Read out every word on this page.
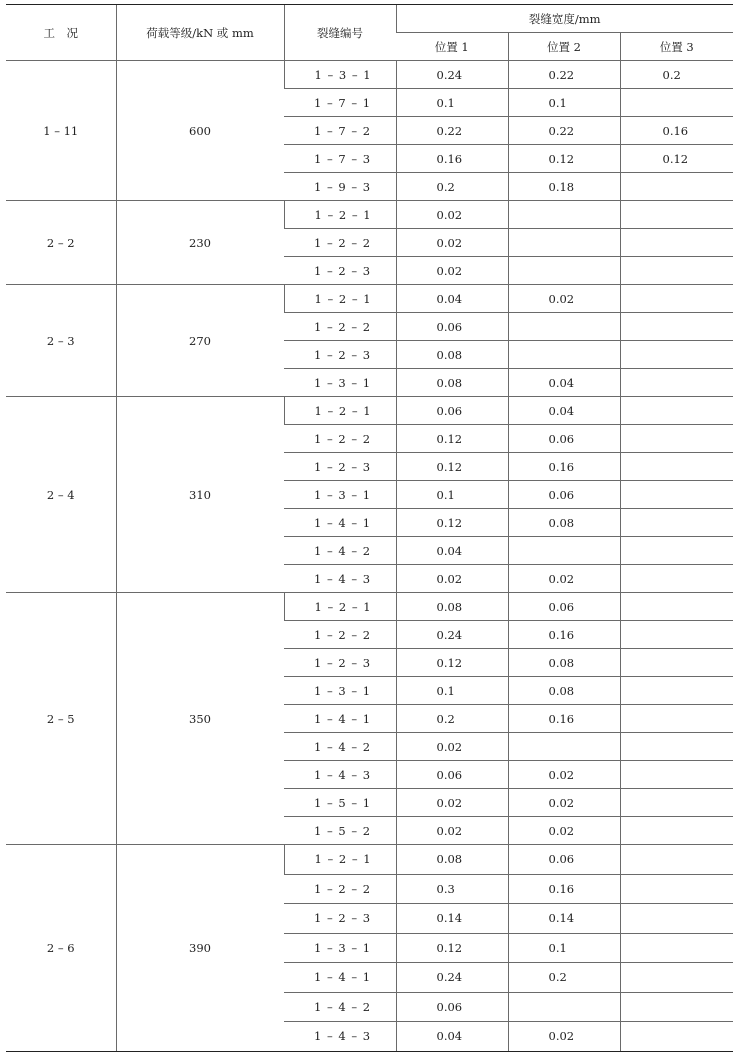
工　况	荷载等级/kN 或 mm	裂缝编号	裂缝宽度/mm		
			位置 1	位置 2	位置 3
1 – 11	600	1 – 3 – 1	0.24	0.22	0.2
		1 – 7 – 1	0.1	0.1	
		1 – 7 – 2	0.22	0.22	0.16
		1 – 7 – 3	0.16	0.12	0.12
		1 – 9 – 3	0.2	0.18	
2 – 2	230	1 – 2 – 1	0.02		
		1 – 2 – 2	0.02		
		1 – 2 – 3	0.02		
2 – 3	270	1 – 2 – 1	0.04	0.02	
		1 – 2 – 2	0.06		
		1 – 2 – 3	0.08		
		1 – 3 – 1	0.08	0.04	
2 – 4	310	1 – 2 – 1	0.06	0.04	
		1 – 2 – 2	0.12	0.06	
		1 – 2 – 3	0.12	0.16	
		1 – 3 – 1	0.1	0.06	
		1 – 4 – 1	0.12	0.08	
		1 – 4 – 2	0.04		
		1 – 4 – 3	0.02	0.02	
2 – 5	350	1 – 2 – 1	0.08	0.06	
		1 – 2 – 2	0.24	0.16	
		1 – 2 – 3	0.12	0.08	
		1 – 3 – 1	0.1	0.08	
		1 – 4 – 1	0.2	0.16	
		1 – 4 – 2	0.02		
		1 – 4 – 3	0.06	0.02	
		1 – 5 – 1	0.02	0.02	
		1 – 5 – 2	0.02	0.02	
2 – 6	390	1 – 2 – 1	0.08	0.06	
		1 – 2 – 2	0.3	0.16	
		1 – 2 – 3	0.14	0.14	
		1 – 3 – 1	0.12	0.1	
		1 – 4 – 1	0.24	0.2	
		1 – 4 – 2	0.06		
		1 – 4 – 3	0.04	0.02	
